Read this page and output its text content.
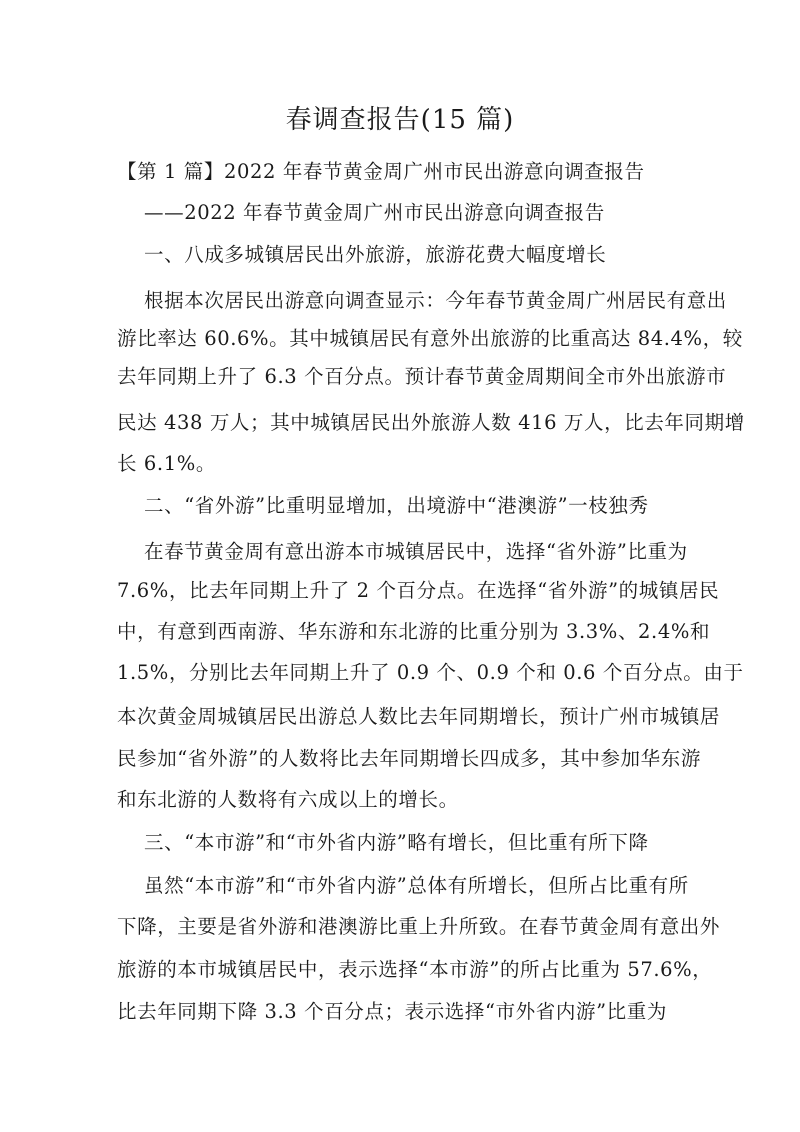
春调查报告(15 篇)
【第 1 篇】2022 年春节黄金周广州市民出游意向调查报告
——2022 年春节黄金周广州市民出游意向调查报告
一、八成多城镇居民出外旅游，旅游花费大幅度增长
根据本次居民出游意向调查显示：今年春节黄金周广州居民有意出
游比率达 60.6%。其中城镇居民有意外出旅游的比重高达 84.4%，较
去年同期上升了 6.3 个百分点。预计春节黄金周期间全市外出旅游市
民达 438 万人；其中城镇居民出外旅游人数 416 万人，比去年同期增
长 6.1%。
二、“省外游”比重明显增加，出境游中“港澳游”一枝独秀
在春节黄金周有意出游本市城镇居民中，选择“省外游”比重为
7.6%，比去年同期上升了 2 个百分点。在选择“省外游”的城镇居民
中，有意到西南游、华东游和东北游的比重分别为 3.3%、2.4%和
1.5%，分别比去年同期上升了 0.9 个、0.9 个和 0.6 个百分点。由于
本次黄金周城镇居民出游总人数比去年同期增长，预计广州市城镇居
民参加“省外游”的人数将比去年同期增长四成多，其中参加华东游
和东北游的人数将有六成以上的增长。
三、“本市游”和“市外省内游”略有增长，但比重有所下降
虽然“本市游”和“市外省内游”总体有所增长，但所占比重有所
下降，主要是省外游和港澳游比重上升所致。在春节黄金周有意出外
旅游的本市城镇居民中，表示选择“本市游”的所占比重为 57.6%，
比去年同期下降 3.3 个百分点；表示选择“市外省内游”比重为
